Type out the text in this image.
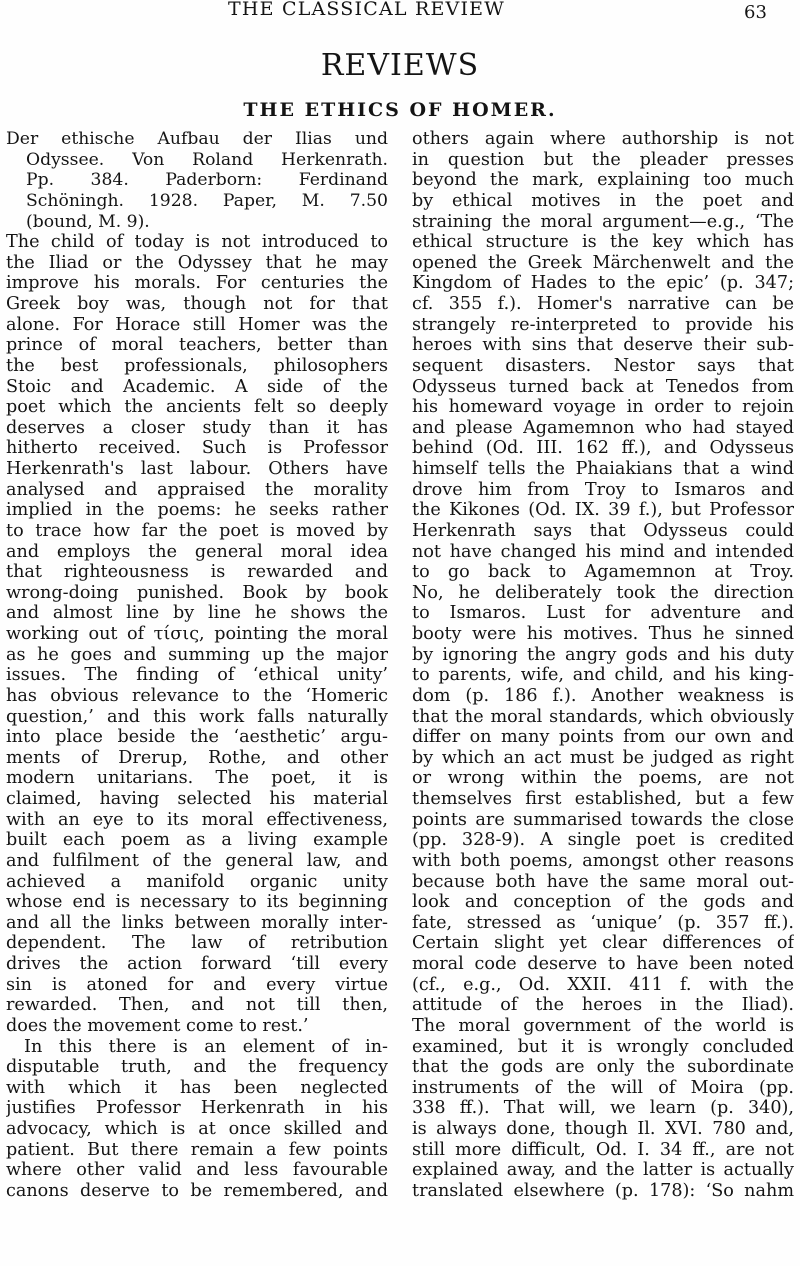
THE CLASSICAL REVIEW	63
REVIEWS
THE ETHICS OF HOMER.
Der ethische Aufbau der Ilias und
Odyssee. Von Roland Herkenrath.
Pp. 384. Paderborn: Ferdinand
Schöningh. 1928. Paper, M. 7.50
(bound, M. 9).
The child of today is not introduced to
the Iliad or the Odyssey that he may
improve his morals. For centuries the
Greek boy was, though not for that
alone. For Horace still Homer was the
prince of moral teachers, better than
the best professionals, philosophers
Stoic and Academic. A side of the
poet which the ancients felt so deeply
deserves a closer study than it has
hitherto received. Such is Professor
Herkenrath's last labour. Others have
analysed and appraised the morality
implied in the poems: he seeks rather
to trace how far the poet is moved by
and employs the general moral idea
that righteousness is rewarded and
wrong-doing punished. Book by book
and almost line by line he shows the
working out of τίσις, pointing the moral
as he goes and summing up the major
issues. The finding of ‘ethical unity’
has obvious relevance to the ‘Homeric
question,’ and this work falls naturally
into place beside the ‘aesthetic’ argu-
ments of Drerup, Rothe, and other
modern unitarians. The poet, it is
claimed, having selected his material
with an eye to its moral effectiveness,
built each poem as a living example
and fulfilment of the general law, and
achieved a manifold organic unity
whose end is necessary to its beginning
and all the links between morally inter-
dependent. The law of retribution
drives the action forward ‘till every
sin is atoned for and every virtue
rewarded. Then, and not till then,
does the movement come to rest.’
In this there is an element of in-
disputable truth, and the frequency
with which it has been neglected
justifies Professor Herkenrath in his
advocacy, which is at once skilled and
patient. But there remain a few points
where other valid and less favourable
canons deserve to be remembered, and
others again where authorship is not
in question but the pleader presses
beyond the mark, explaining too much
by ethical motives in the poet and
straining the moral argument—e.g., ‘The
ethical structure is the key which has
opened the Greek Märchenwelt and the
Kingdom of Hades to the epic’ (p. 347;
cf. 355 f.). Homer's narrative can be
strangely re-interpreted to provide his
heroes with sins that deserve their sub-
sequent disasters. Nestor says that
Odysseus turned back at Tenedos from
his homeward voyage in order to rejoin
and please Agamemnon who had stayed
behind (Od. III. 162 ff.), and Odysseus
himself tells the Phaiakians that a wind
drove him from Troy to Ismaros and
the Kikones (Od. IX. 39 f.), but Professor
Herkenrath says that Odysseus could
not have changed his mind and intended
to go back to Agamemnon at Troy.
No, he deliberately took the direction
to Ismaros. Lust for adventure and
booty were his motives. Thus he sinned
by ignoring the angry gods and his duty
to parents, wife, and child, and his king-
dom (p. 186 f.). Another weakness is
that the moral standards, which obviously
differ on many points from our own and
by which an act must be judged as right
or wrong within the poems, are not
themselves first established, but a few
points are summarised towards the close
(pp. 328-9). A single poet is credited
with both poems, amongst other reasons
because both have the same moral out-
look and conception of the gods and
fate, stressed as ‘unique’ (p. 357 ff.).
Certain slight yet clear differences of
moral code deserve to have been noted
(cf., e.g., Od. XXII. 411 f. with the
attitude of the heroes in the Iliad).
The moral government of the world is
examined, but it is wrongly concluded
that the gods are only the subordinate
instruments of the will of Moira (pp.
338 ff.). That will, we learn (p. 340),
is always done, though Il. XVI. 780 and,
still more difficult, Od. I. 34 ff., are not
explained away, and the latter is actually
translated elsewhere (p. 178): ‘So nahm
